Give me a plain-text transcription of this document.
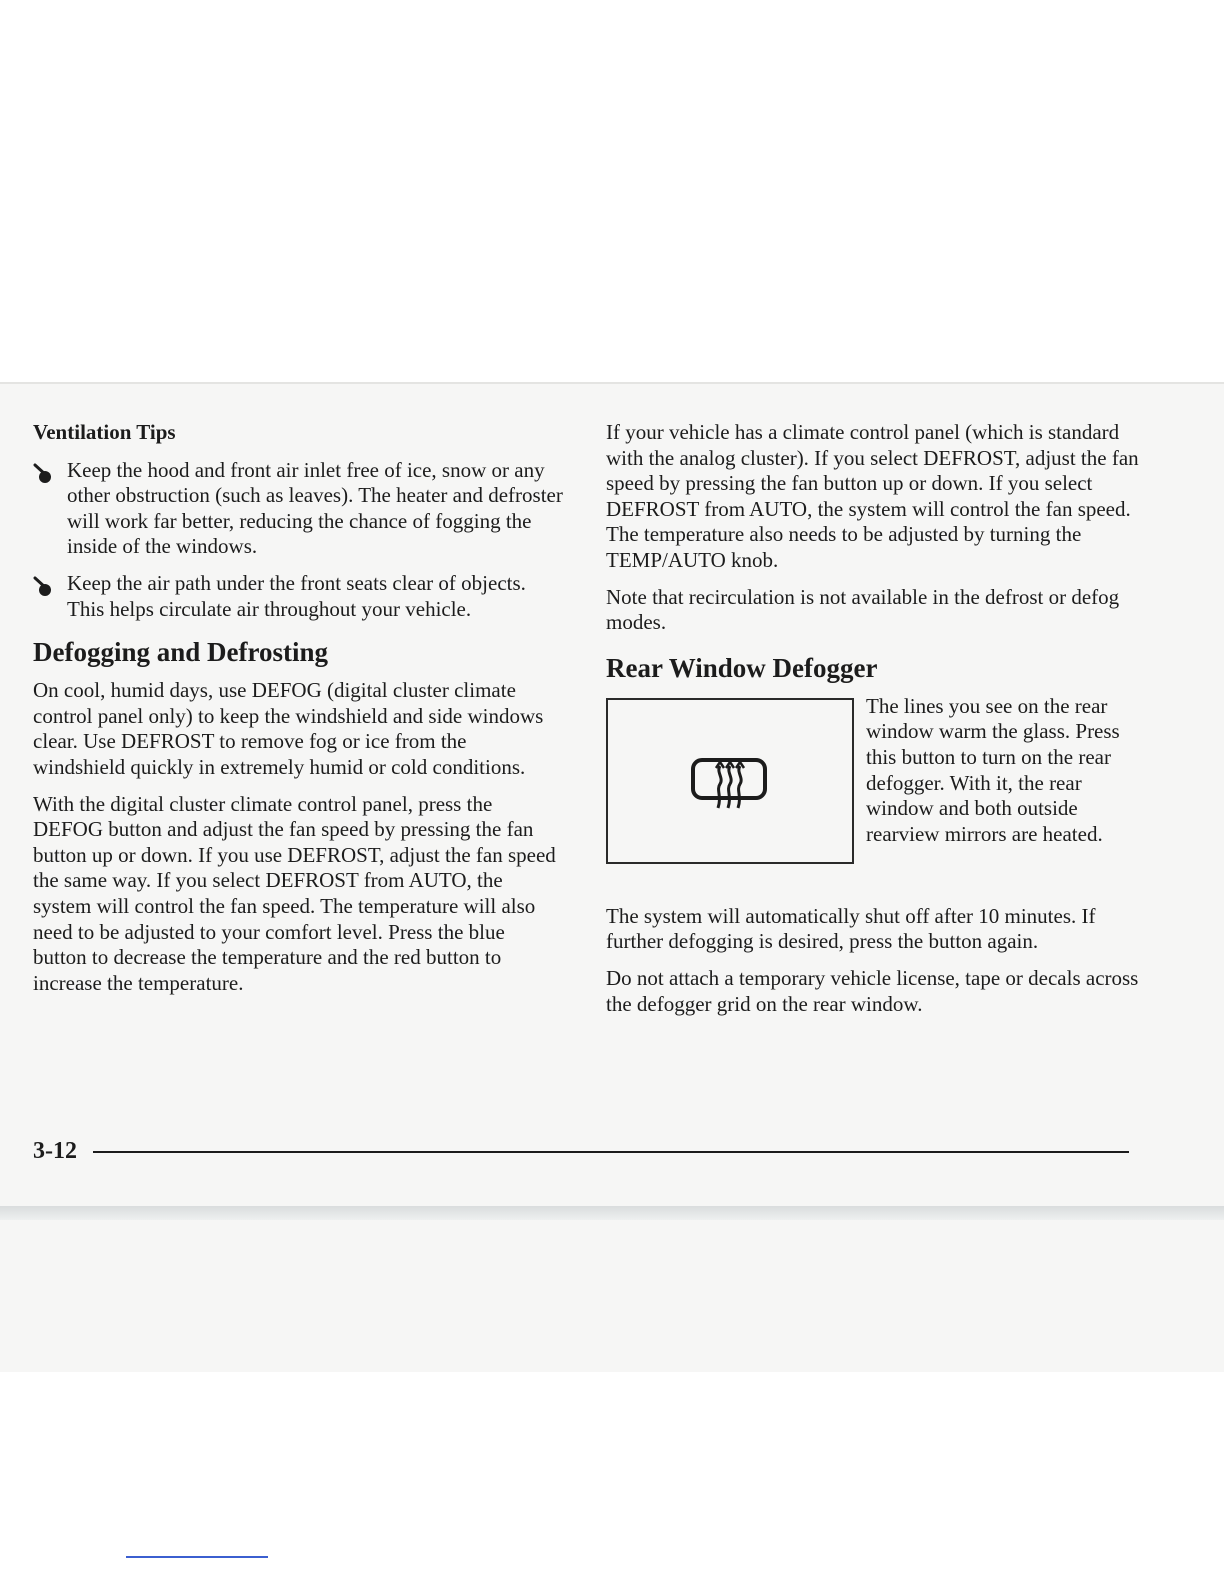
Ventilation Tips
Keep the hood and front air inlet free of ice, snow or any other obstruction (such as leaves). The heater and defroster will work far better, reducing the chance of fogging the inside of the windows.
Keep the air path under the front seats clear of objects. This helps circulate air throughout your vehicle.
Defogging and Defrosting

On cool, humid days, use DEFOG (digital cluster climate control panel only) to keep the windshield and side windows clear. Use DEFROST to remove fog or ice from the windshield quickly in extremely humid or cold conditions.

With the digital cluster climate control panel, press the DEFOG button and adjust the fan speed by pressing the fan button up or down. If you use DEFROST, adjust the fan speed the same way. If you select DEFROST from AUTO, the system will control the fan speed. The temperature will also need to be adjusted to your comfort level. Press the blue button to decrease the temperature and the red button to increase the temperature.

If your vehicle has a climate control panel (which is standard with the analog cluster). If you select DEFROST, adjust the fan speed by pressing the fan button up or down. If you select DEFROST from AUTO, the system will control the fan speed. The temperature also needs to be adjusted by turning the TEMP/AUTO knob.

Note that recirculation is not available in the defrost or defog modes.

Rear Window Defogger
The lines you see on the rear window warm the glass. Press this button to turn on the rear defogger. With it, the rear window and both outside rearview mirrors are heated.

The system will automatically shut off after 10 minutes. If further defogging is desired, press the button again.

Do not attach a temporary vehicle license, tape or decals across the defogger grid on the rear window.

3-12
